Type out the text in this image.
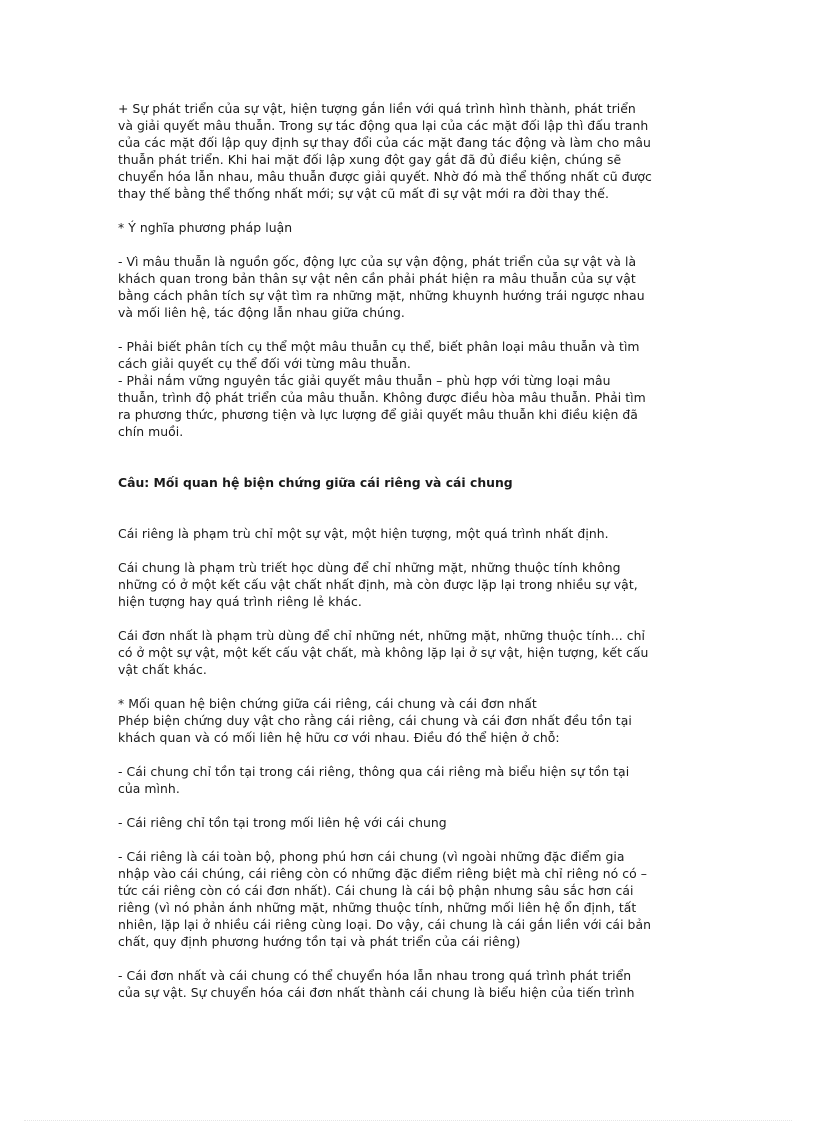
+ Sự phát triển của sự vật, hiện tượng gắn liền với quá trình hình thành, phát triển
và giải quyết mâu thuẫn. Trong sự tác động qua lại của các mặt đối lập thì đấu tranh
của các mặt đối lập quy định sự thay đổi của các mặt đang tác động và làm cho mâu
thuẫn phát triển. Khi hai mặt đối lập xung đột gay gắt đã đủ điều kiện, chúng sẽ
chuyển hóa lẫn nhau, mâu thuẫn được giải quyết. Nhờ đó mà thể thống nhất cũ được
thay thế bằng thể thống nhất mới; sự vật cũ mất đi sự vật mới ra đời thay thế.

* Ý nghĩa phương pháp luận

- Vì mâu thuẫn là nguồn gốc, động lực của sự vận động, phát triển của sự vật và là
khách quan trong bản thân sự vật nên cần phải phát hiện ra mâu thuẫn của sự vật
bằng cách phân tích sự vật tìm ra những mặt, những khuynh hướng trái ngược nhau
và mối liên hệ, tác động lẫn nhau giữa chúng.

- Phải biết phân tích cụ thể một mâu thuẫn cụ thể, biết phân loại mâu thuẫn và tìm
cách giải quyết cụ thể đối với từng mâu thuẫn.
- Phải nắm vững nguyên tắc giải quyết mâu thuẫn – phù hợp với từng loại mâu
thuẫn, trình độ phát triển của mâu thuẫn. Không được điều hòa mâu thuẫn. Phải tìm
ra phương thức, phương tiện và lực lượng để giải quyết mâu thuẫn khi điều kiện đã
chín muồi.

Câu: Mối quan hệ biện chứng giữa cái riêng và cái chung

Cái riêng là phạm trù chỉ một sự vật, một hiện tượng, một quá trình nhất định.

Cái chung là phạm trù triết học dùng để chỉ những mặt, những thuộc tính không
những có ở một kết cấu vật chất nhất định, mà còn được lặp lại trong nhiều sự vật,
hiện tượng hay quá trình riêng lẻ khác.

Cái đơn nhất là phạm trù dùng để chỉ những nét, những mặt, những thuộc tính... chỉ
có ở một sự vật, một kết cấu vật chất, mà không lặp lại ở sự vật, hiện tượng, kết cấu
vật chất khác.

* Mối quan hệ biện chứng giữa cái riêng, cái chung và cái đơn nhất
Phép biện chứng duy vật cho rằng cái riêng, cái chung và cái đơn nhất đều tồn tại
khách quan và có mối liên hệ hữu cơ với nhau. Điều đó thể hiện ở chỗ:

- Cái chung chỉ tồn tại trong cái riêng, thông qua cái riêng mà biểu hiện sự tồn tại
của mình.

- Cái riêng chỉ tồn tại trong mối liên hệ với cái chung

- Cái riêng là cái toàn bộ, phong phú hơn cái chung (vì ngoài những đặc điểm gia
nhập vào cái chúng, cái riêng còn có những đặc điểm riêng biệt mà chỉ riêng nó có –
tức cái riêng còn có cái đơn nhất). Cái chung là cái bộ phận nhưng sâu sắc hơn cái
riêng (vì nó phản ánh những mặt, những thuộc tính, những mối liên hệ ổn định, tất
nhiên, lặp lại ở nhiều cái riêng cùng loại. Do vậy, cái chung là cái gắn liền với cái bản
chất, quy định phương hướng tồn tại và phát triển của cái riêng)

- Cái đơn nhất và cái chung có thể chuyển hóa lẫn nhau trong quá trình phát triển
của sự vật. Sự chuyển hóa cái đơn nhất thành cái chung là biểu hiện của tiến trình
